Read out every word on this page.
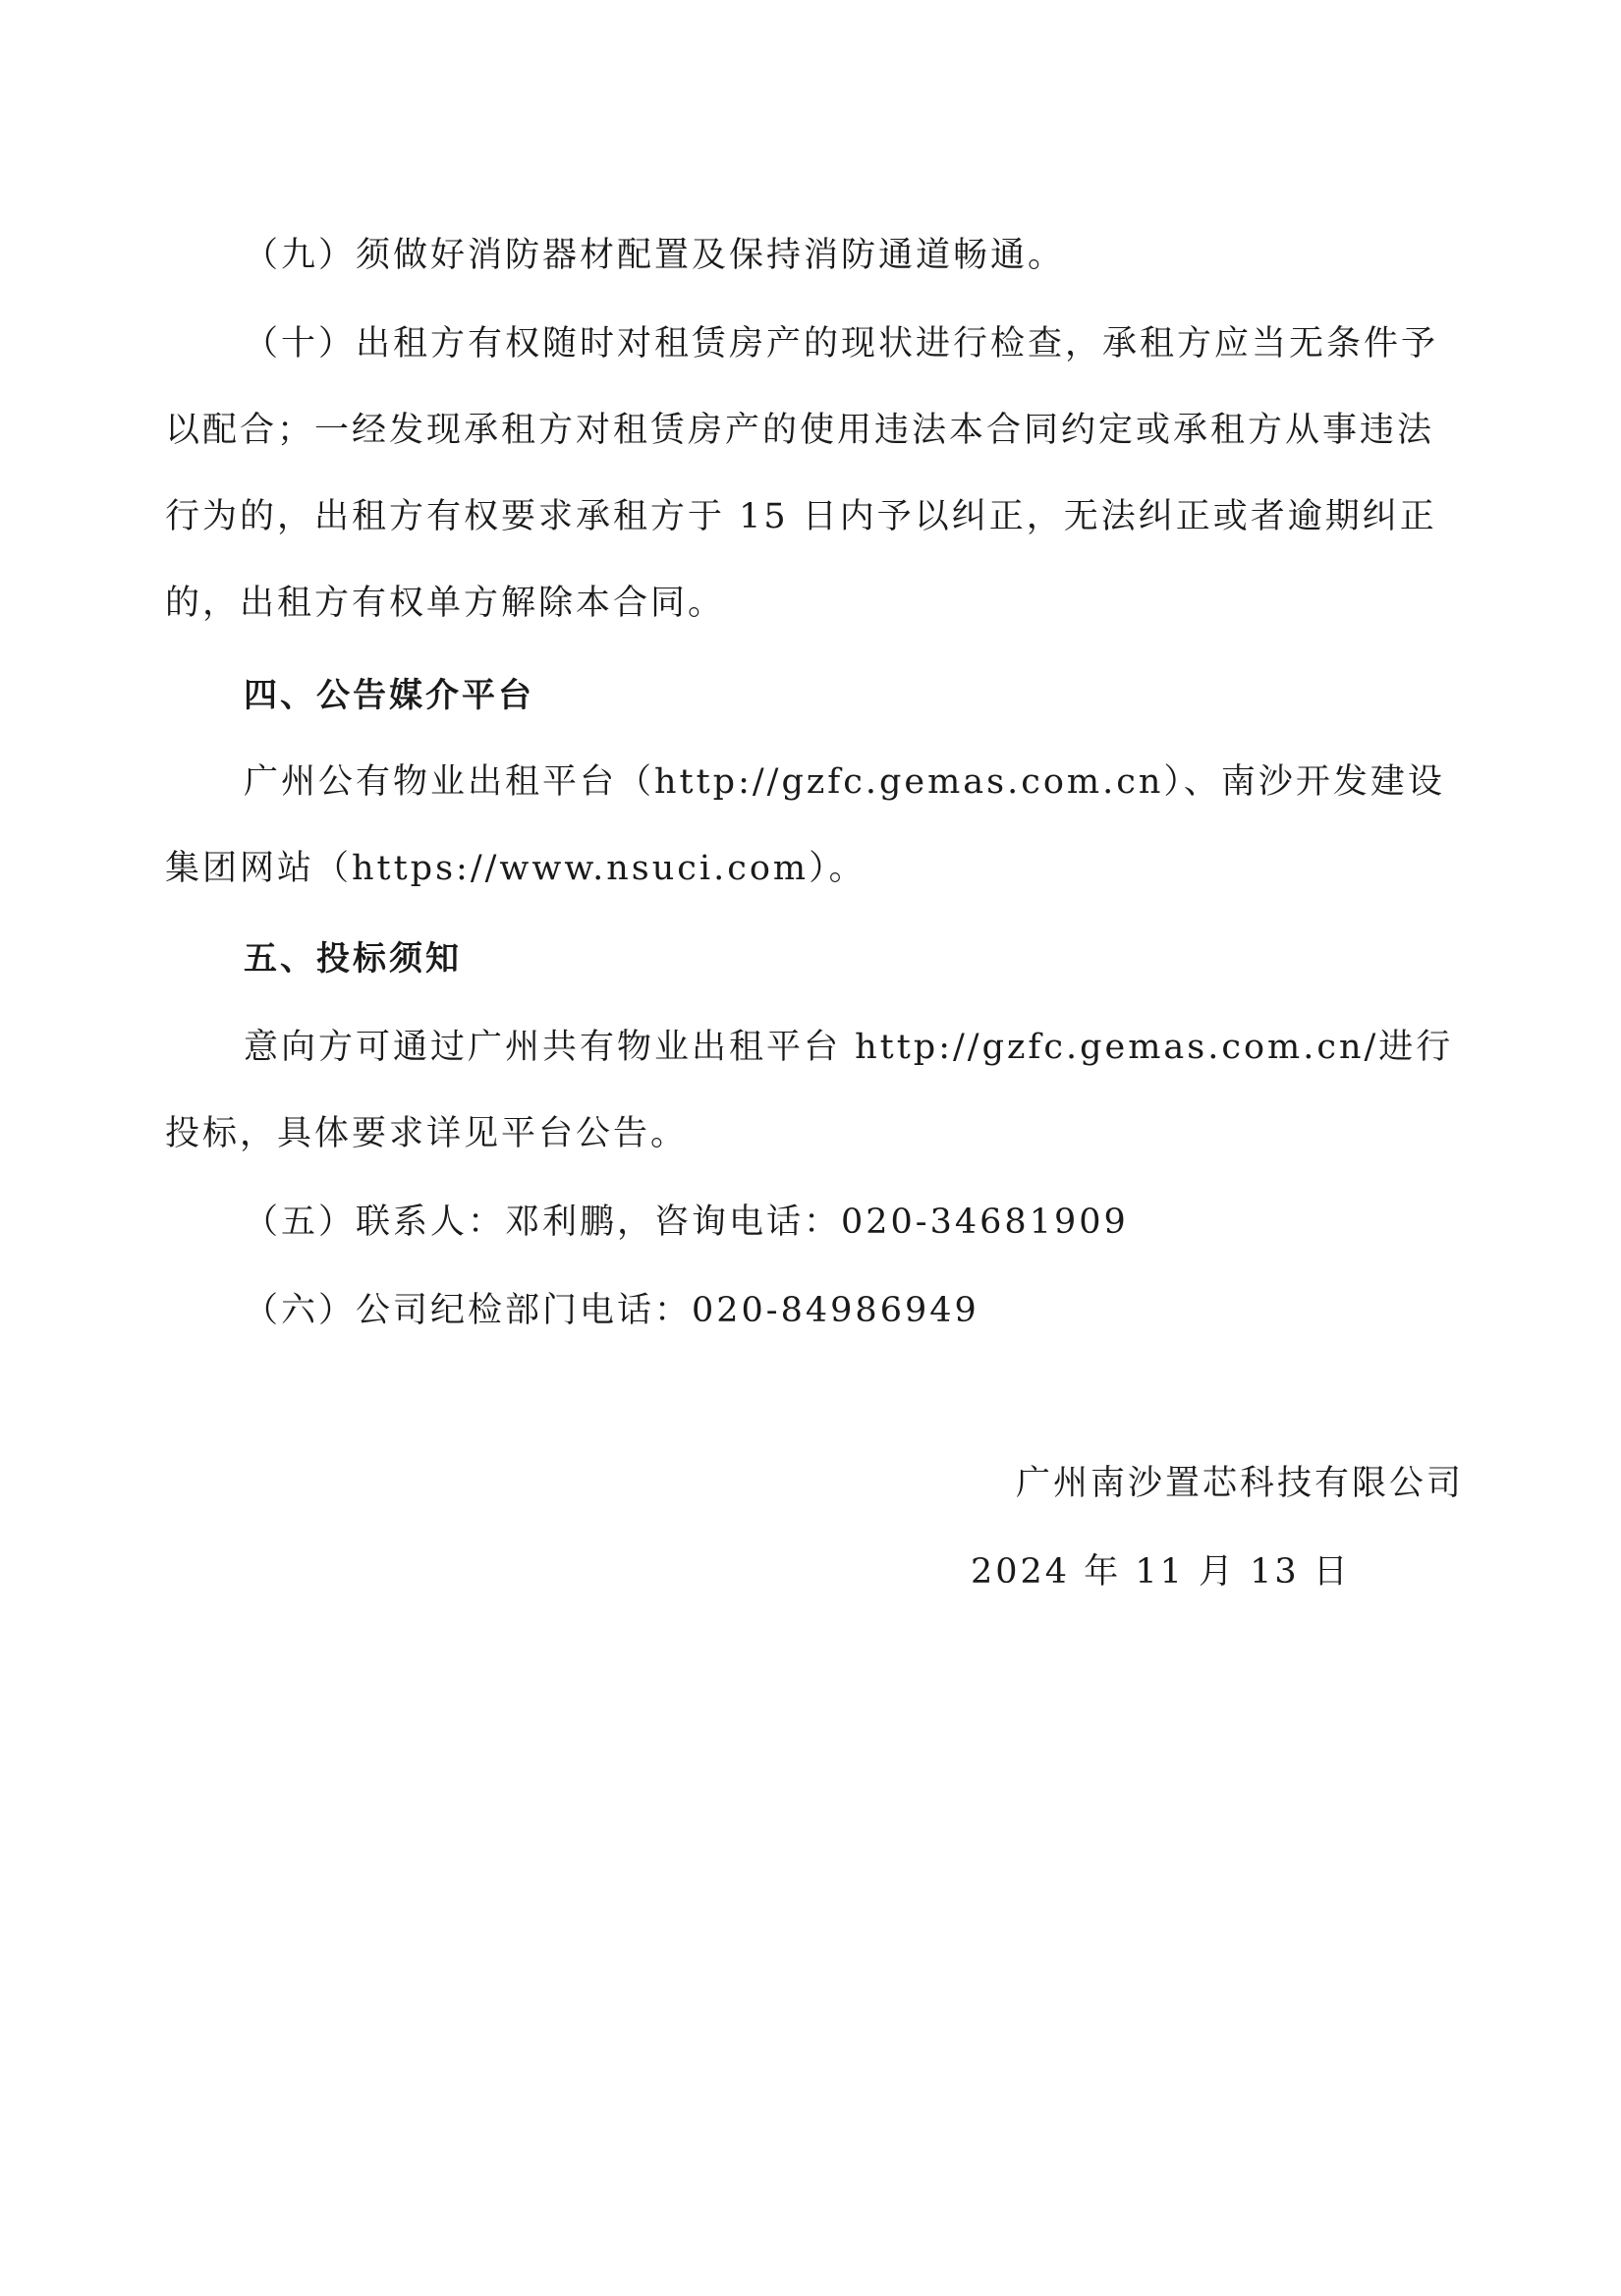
（九）须做好消防器材配置及保持消防通道畅通。

（十）出租方有权随时对租赁房产的现状进行检查，承租方应当无条件予以配合；一经发现承租方对租赁房产的使用违法本合同约定或承租方从事违法行为的，出租方有权要求承租方于 15 日内予以纠正，无法纠正或者逾期纠正的，出租方有权单方解除本合同。

四、公告媒介平台

广州公有物业出租平台（http://gzfc.gemas.com.cn）、南沙开发建设集团网站（https://www.nsuci.com）。

五、投标须知

意向方可通过广州共有物业出租平台 http://gzfc.gemas.com.cn/进行投标，具体要求详见平台公告。

（五）联系人：邓利鹏，咨询电话：020-34681909

（六）公司纪检部门电话：020-84986949

广州南沙置芯科技有限公司

2024 年 11 月 13 日
